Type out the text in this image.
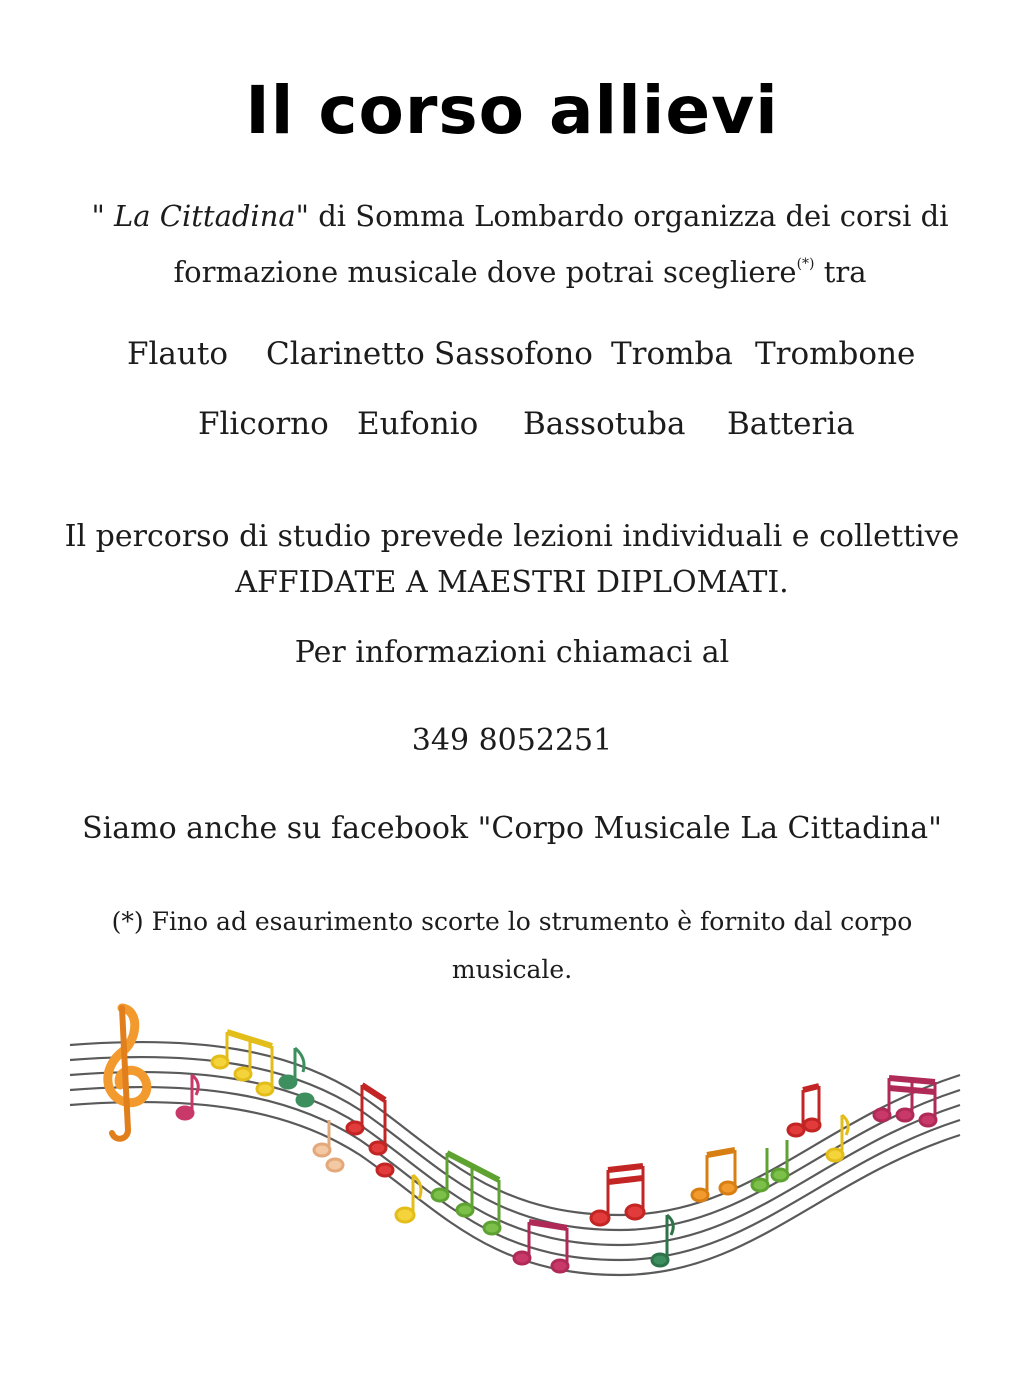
Il corso allievi
" La Cittadina" di Somma Lombardo organizza dei corsi di formazione musicale dove potrai scegliere(*) tra
Flauto Clarinetto Sassofono Tromba Trombone
Flicorno Eufonio Bassotuba Batteria
Il percorso di studio prevede lezioni individuali e collettive
AFFIDATE A MAESTRI DIPLOMATI.
Per informazioni chiamaci al
349 8052251
Siamo anche su facebook "Corpo Musicale La Cittadina"
(*) Fino ad esaurimento scorte lo strumento è fornito dal corpo musicale.
